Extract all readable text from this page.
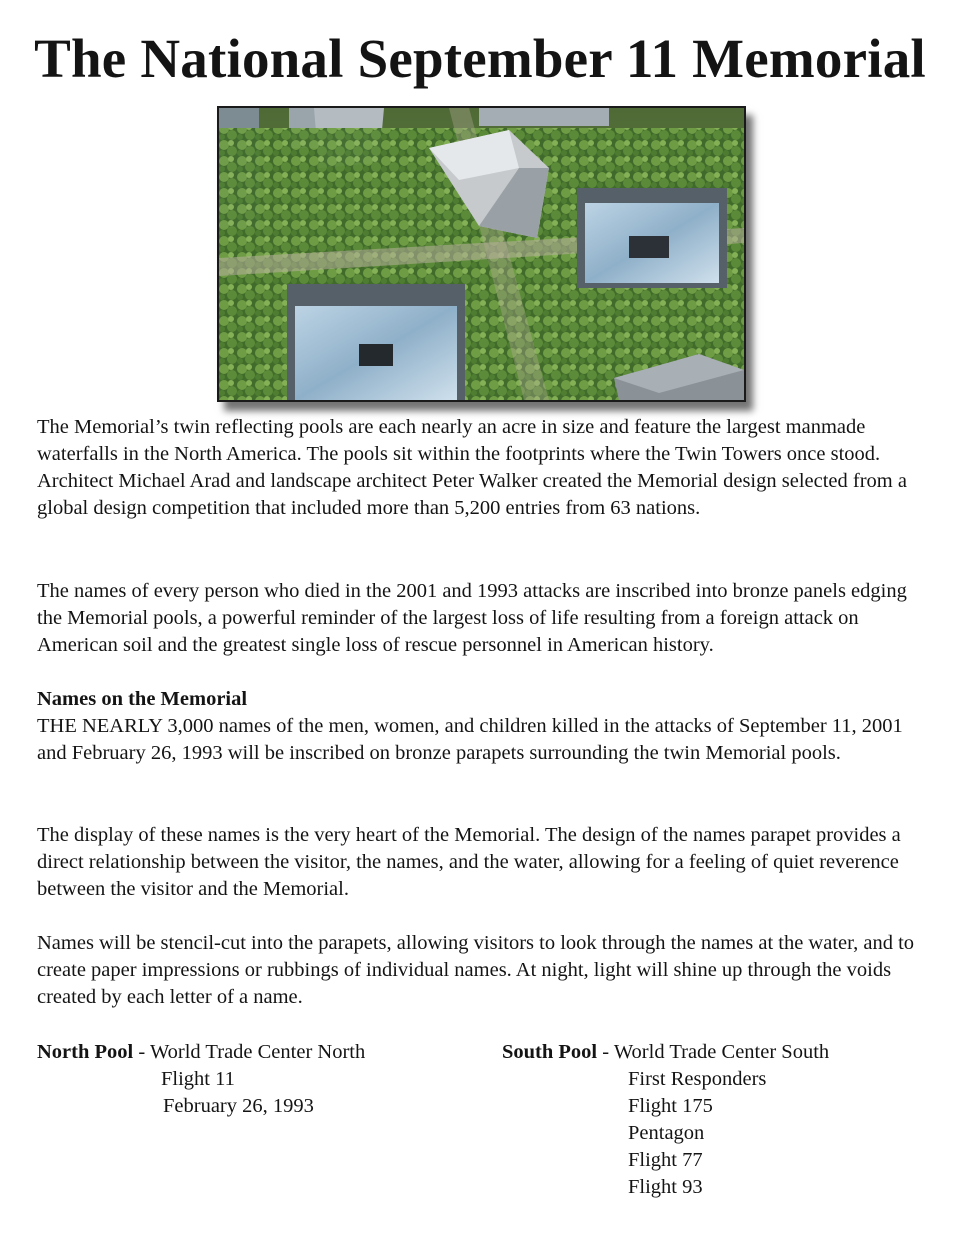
The National September 11 Memorial

The Memorial’s twin reflecting pools are each nearly an acre in size and feature the largest manmade waterfalls in the North America. The pools sit within the footprints where the Twin Towers once stood. Architect Michael Arad and landscape architect Peter Walker created the Memorial design selected from a global design competition that included more than 5,200 entries from 63 nations.

The names of every person who died in the 2001 and 1993 attacks are inscribed into bronze panels edging the Memorial pools, a powerful reminder of the largest loss of life resulting from a foreign attack on American soil and the greatest single loss of rescue personnel in American history.

Names on the Memorial
THE NEARLY 3,000 names of the men, women, and children killed in the attacks of September 11, 2001 and February 26, 1993 will be inscribed on bronze parapets surrounding the twin Memorial pools.

The display of these names is the very heart of the Memorial. The design of the names parapet provides a direct relationship between the visitor, the names, and the water, allowing for a feeling of quiet reverence between the visitor and the Memorial.

Names will be stencil-cut into the parapets, allowing visitors to look through the names at the water, and to create paper impressions or rubbings of individual names. At night, light will shine up through the voids created by each letter of a name.

North Pool - World Trade Center North
Flight 11
February 26, 1993
South Pool - World Trade Center South
First Responders
Flight 175
Pentagon
Flight 77
Flight 93
